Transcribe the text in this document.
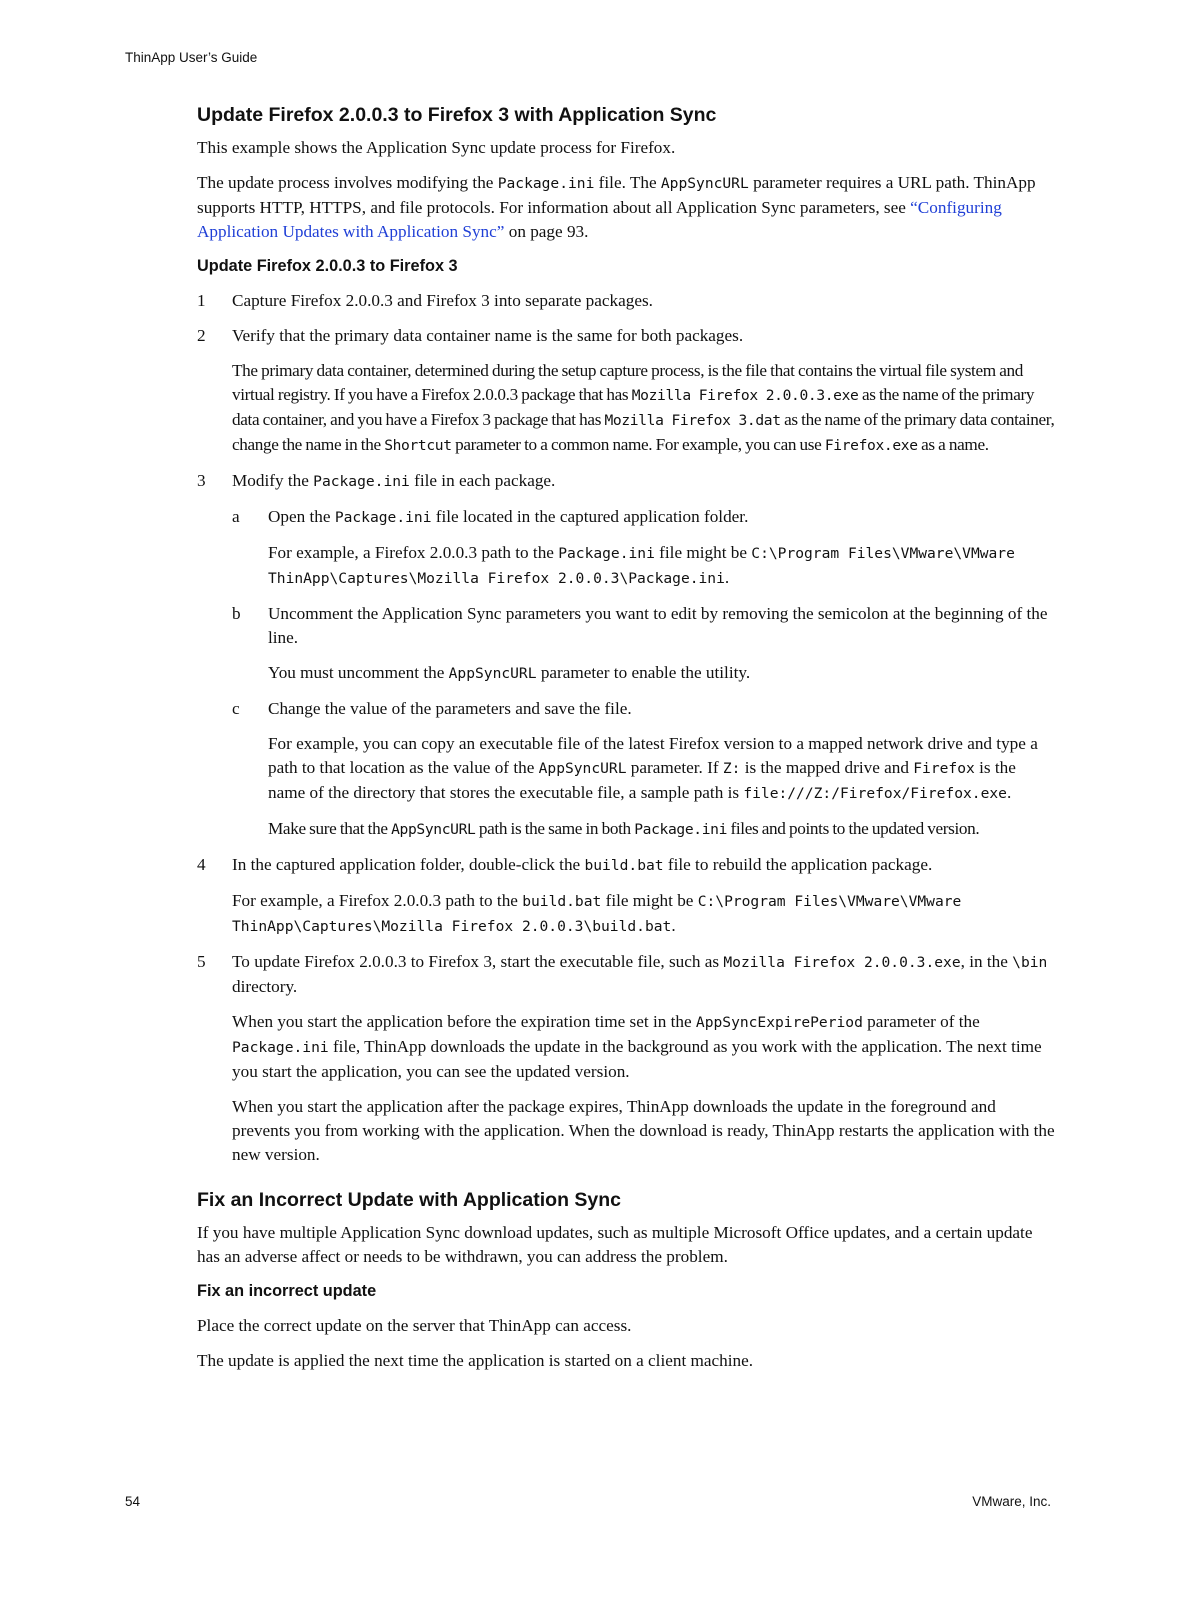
ThinApp User’s Guide
Update Firefox 2.0.0.3 to Firefox 3 with Application Sync

This example shows the Application Sync update process for Firefox.

The update process involves modifying the Package.ini file. The AppSyncURL parameter requires a URL path. ThinApp supports HTTP, HTTPS, and file protocols. For information about all Application Sync parameters, see “Configuring Application Updates with Application Sync” on page 93.

Update Firefox 2.0.0.3 to Firefox 3
1 Capture Firefox 2.0.0.3 and Firefox 3 into separate packages.

2 Verify that the primary data container name is the same for both packages.

The primary data container, determined during the setup capture process, is the file that contains the virtual file system and virtual registry. If you have a Firefox 2.0.0.3 package that has Mozilla Firefox 2.0.0.3.exe as the name of the primary data container, and you have a Firefox 3 package that has Mozilla Firefox 3.dat as the name of the primary data container, change the name in the Shortcut parameter to a common name. For example, you can use Firefox.exe as a name.

3 Modify the Package.ini file in each package.

a Open the Package.ini file located in the captured application folder.

For example, a Firefox 2.0.0.3 path to the Package.ini file might be C:\Program Files\VMware\VMware ThinApp\Captures\Mozilla Firefox 2.0.0.3\Package.ini.

b Uncomment the Application Sync parameters you want to edit by removing the semicolon at the beginning of the line.

You must uncomment the AppSyncURL parameter to enable the utility.

c Change the value of the parameters and save the file.

For example, you can copy an executable file of the latest Firefox version to a mapped network drive and type a path to that location as the value of the AppSyncURL parameter. If Z: is the mapped drive and Firefox is the name of the directory that stores the executable file, a sample path is file:///Z:/Firefox/Firefox.exe.

Make sure that the AppSyncURL path is the same in both Package.ini files and points to the updated version.

4 In the captured application folder, double-click the build.bat file to rebuild the application package.

For example, a Firefox 2.0.0.3 path to the build.bat file might be C:\Program Files\VMware\VMware ThinApp\Captures\Mozilla Firefox 2.0.0.3\build.bat.

5 To update Firefox 2.0.0.3 to Firefox 3, start the executable file, such as Mozilla Firefox 2.0.0.3.exe, in the \bin directory.

When you start the application before the expiration time set in the AppSyncExpirePeriod parameter of the Package.ini file, ThinApp downloads the update in the background as you work with the application. The next time you start the application, you can see the updated version.

When you start the application after the package expires, ThinApp downloads the update in the foreground and prevents you from working with the application. When the download is ready, ThinApp restarts the application with the new version.

Fix an Incorrect Update with Application Sync

If you have multiple Application Sync download updates, such as multiple Microsoft Office updates, and a certain update has an adverse affect or needs to be withdrawn, you can address the problem.

Fix an incorrect update

Place the correct update on the server that ThinApp can access.

The update is applied the next time the application is started on a client machine.

54	VMware, Inc.
